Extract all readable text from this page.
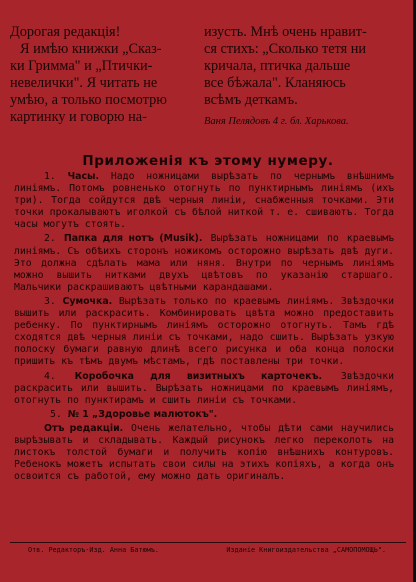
Дорогая редакція!

Я имѣю книжки „Сказ-

ки Гримма" и „Птички-

невелички". Я читать не

умѣю, а только посмотрю

картинку и говорю на-

изусть. Мнѣ очень нравит-

ся стихъ: „Сколько тетя ни

кричала, птичка дальше

все бѣжала". Кланяюсь

всѣмъ деткамъ.

Ваня Пелядовъ 4 г. бл. Харькова.

Приложенія къ этому нумеру.

1. Часы. Надо ножницами вырѣзать по чернымъ внѣшнимъ линіямъ. Потомъ ровненько отогнуть по пунктирнымъ линіямъ (ихъ три). Тогда сойдутся двѣ черныя линіи, снабженныя точками. Эти точки прокалываютъ иголкой съ бѣлой ниткой т. е. сшиваютъ. Тогда часы могутъ стоять.

2. Папка для нотъ (Musik). Вырѣзать ножницами по краевымъ линіямъ. Съ обѣихъ сторонъ ножикомъ осторожно вырѣзать двѣ дуги. Это должна сдѣлать мама или няня. Внутри по чернымъ линіямъ можно вышить нитками двухъ цвѣтовъ по указанію старшаго. Мальчики раскрашиваютъ цвѣтными карандашами.

3. Сумочка. Вырѣзать только по краевымъ линіямъ. Звѣздочки вышить или раскрасить. Комбинировать цвѣта можно предоставить ребенку. По пунктирнымъ линіямъ осторожно отогнуть. Тамъ гдѣ сходятся двѣ черныя линіи съ точками, надо сшить. Вырѣзать узкую полоску бумаги равную длинѣ всего рисунка и оба конца полоски пришить къ тѣмъ двумъ мѣстамъ, гдѣ поставлены три точки.

4. Коробочка для визитныхъ карточекъ. Звѣздочки раскрасить или вышить. Вырѣзать ножницами по краевымъ линіямъ, отогнуть по пунктирамъ и сшить линіи съ точками.

5. № 1 „Здоровье малютокъ".

Отъ редакціи. Очень желательно, чтобы дѣти сами научились вырѣзывать и складывать. Каждый рисунокъ легко переколоть на листокъ толстой бумаги и получить копію внѣшнихъ контуровъ. Ребенокъ можетъ испытать свои силы на этихъ копіяхъ, а когда онъ освоится съ работой, ему можно дать оригиналъ.

Отв. Редакторъ-Изд. Анна Батюмъ.	Изданіе Книгоиздательства „САМОПОМОЩЬ".
